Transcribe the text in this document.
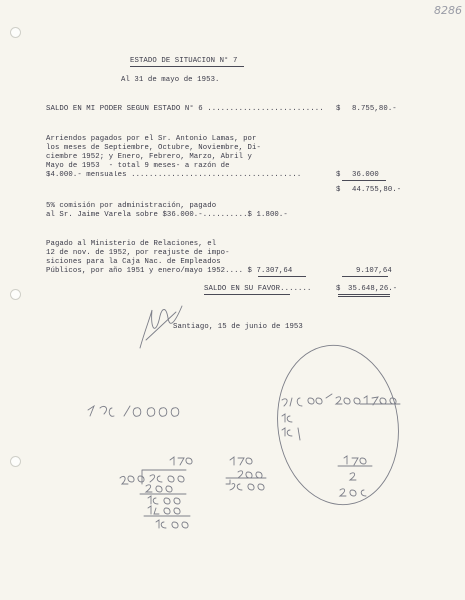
8286
ESTADO DE SITUACION N° 7
Al 31 de mayo de 1953.
SALDO EN MI PODER SEGUN ESTADO N° 6 .......................... $ 8.755,80.-
Arriendos pagados por el Sr. Antonio Lamas, por
los meses de Septiembre, Octubre, Noviembre, Di-
ciembre 1952; y Enero, Febrero, Marzo, Abril y
Mayo de 1953  - total 9 meses- a razón de
$4.000.- mensuales ......................................	$ 36.000
$ 44.755,80.-
5% comisión por administración, pagado
al Sr. Jaime Varela sobre $36.000.-..........$ 1.800.-
Pagado al Ministerio de Relaciones, el
12 de nov. de 1952, por reajuste de impo-
siciones para la Caja Nac. de Empleados
Públicos, por año 1951 y enero/mayo 1952.... $ 7.307,64	9.107,64
SALDO EN SU FAVOR.......	$ 35.648,26.-
Santiago, 15 de junio de 1953
